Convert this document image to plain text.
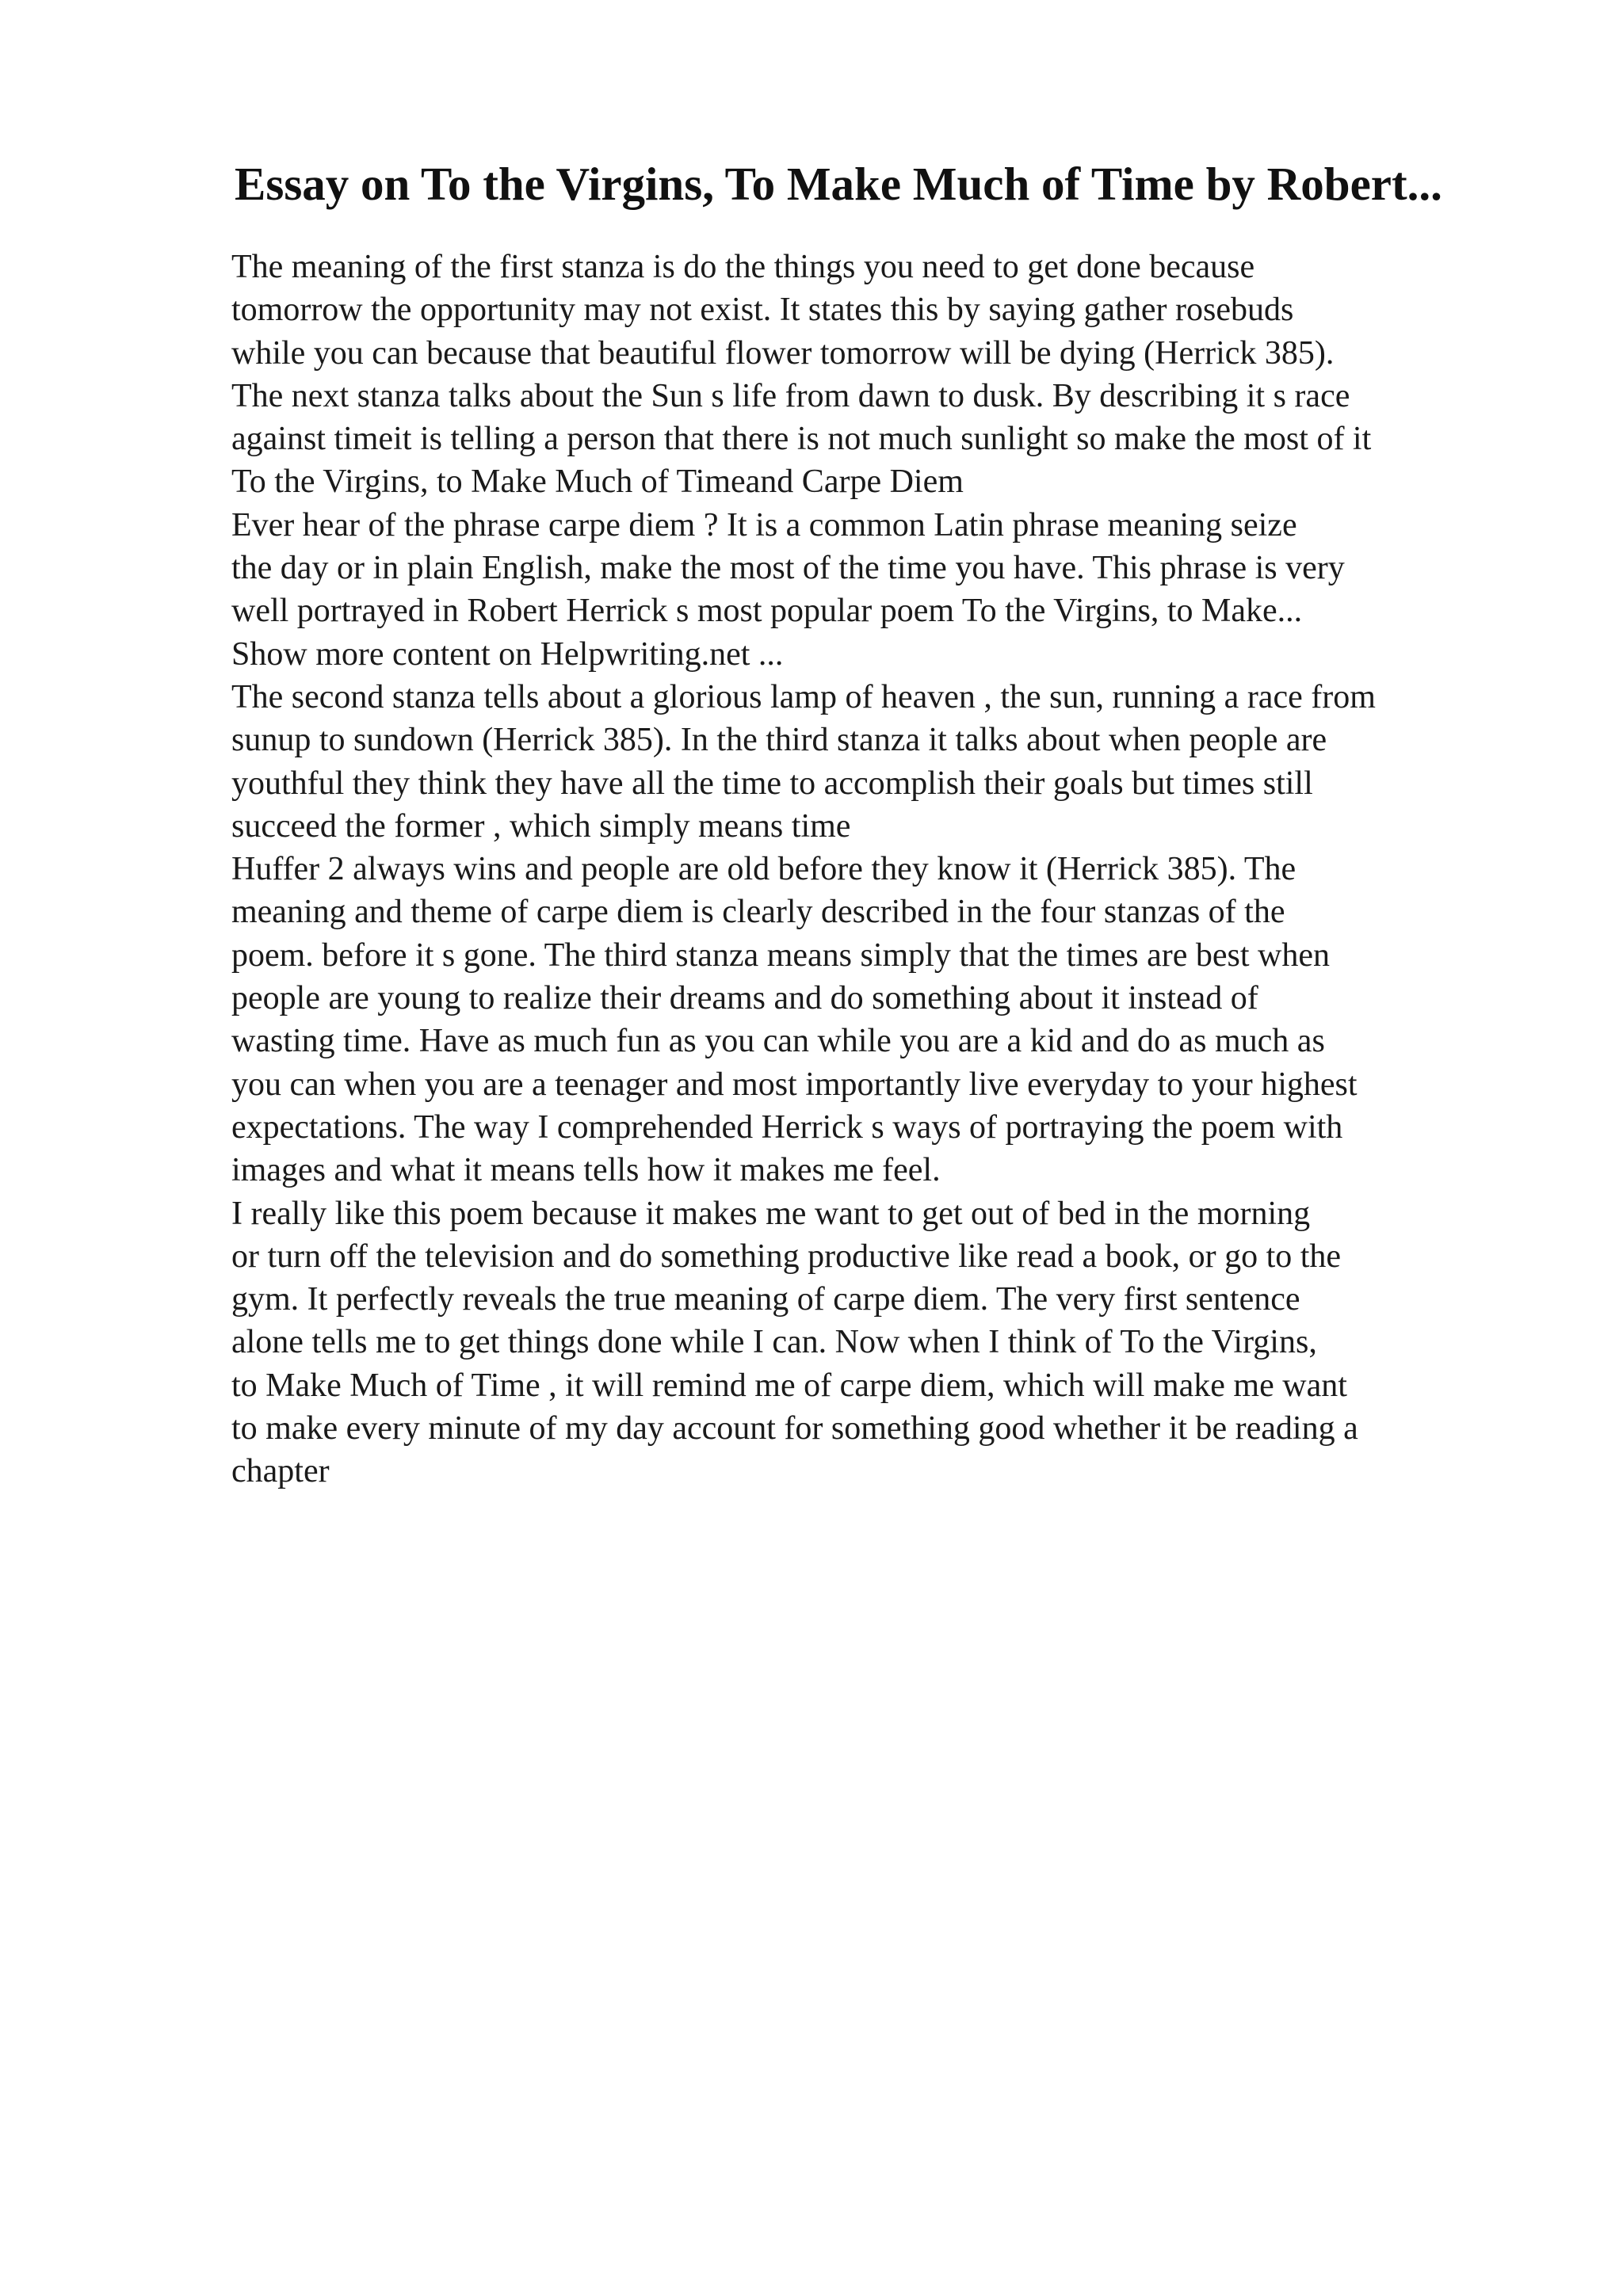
Essay on To the Virgins, To Make Much of Time by Robert...
The meaning of the first stanza is do the things you need to get done because
tomorrow the opportunity may not exist. It states this by saying gather rosebuds
while you can because that beautiful flower tomorrow will be dying (Herrick 385).
The next stanza talks about the Sun s life from dawn to dusk. By describing it s race
against timeit is telling a person that there is not much sunlight so make the most of it
To the Virgins, to Make Much of Timeand Carpe Diem
Ever hear of the phrase carpe diem ? It is a common Latin phrase meaning seize
the day or in plain English, make the most of the time you have. This phrase is very
well portrayed in Robert Herrick s most popular poem To the Virgins, to Make...
Show more content on Helpwriting.net ...
The second stanza tells about a glorious lamp of heaven , the sun, running a race from
sunup to sundown (Herrick 385). In the third stanza it talks about when people are
youthful they think they have all the time to accomplish their goals but times still
succeed the former , which simply means time
Huffer 2 always wins and people are old before they know it (Herrick 385). The
meaning and theme of carpe diem is clearly described in the four stanzas of the
poem. before it s gone. The third stanza means simply that the times are best when
people are young to realize their dreams and do something about it instead of
wasting time. Have as much fun as you can while you are a kid and do as much as
you can when you are a teenager and most importantly live everyday to your highest
expectations. The way I comprehended Herrick s ways of portraying the poem with
images and what it means tells how it makes me feel.
I really like this poem because it makes me want to get out of bed in the morning
or turn off the television and do something productive like read a book, or go to the
gym. It perfectly reveals the true meaning of carpe diem. The very first sentence
alone tells me to get things done while I can. Now when I think of To the Virgins,
to Make Much of Time , it will remind me of carpe diem, which will make me want
to make every minute of my day account for something good whether it be reading a
chapter
